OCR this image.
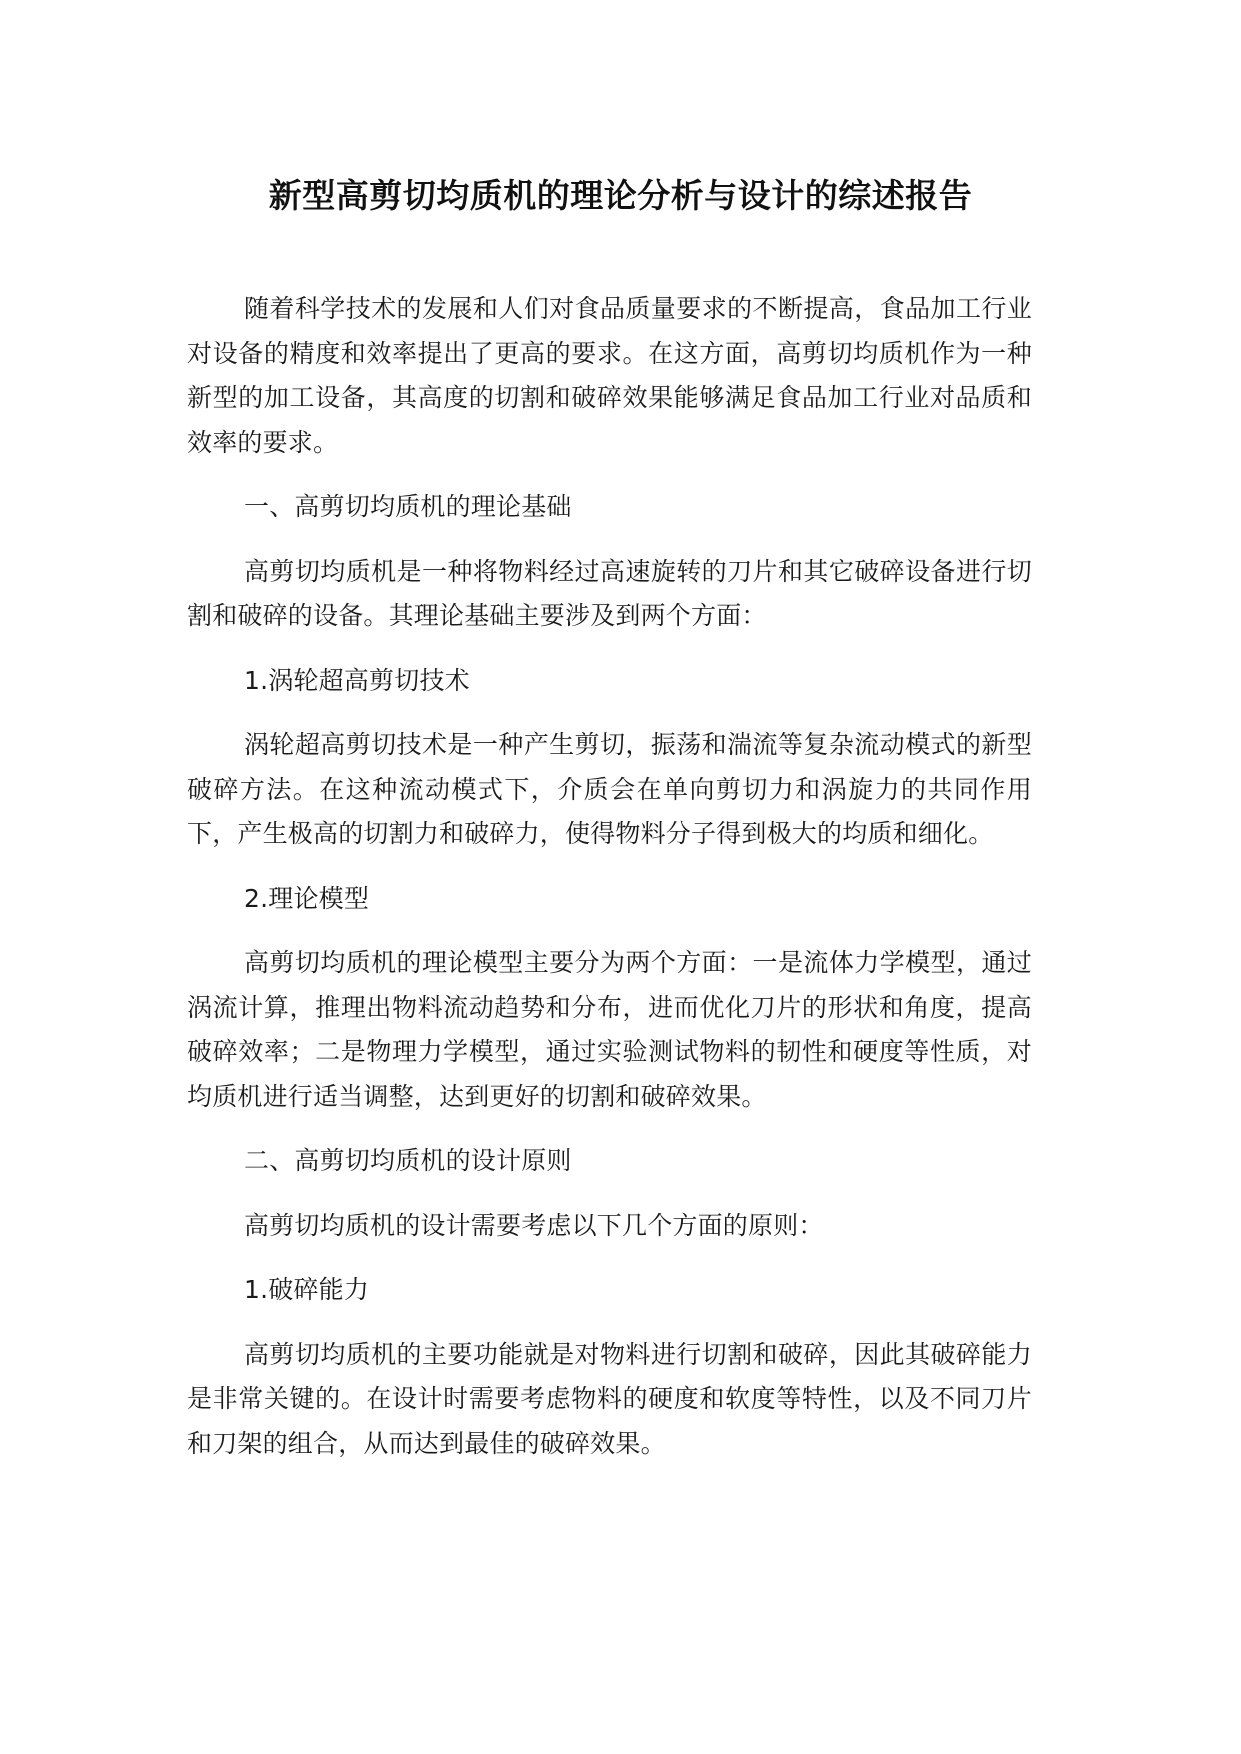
新型高剪切均质机的理论分析与设计的综述报告

随着科学技术的发展和人们对食品质量要求的不断提高，食品加工行业对设备的精度和效率提出了更高的要求。在这方面，高剪切均质机作为一种新型的加工设备，其高度的切割和破碎效果能够满足食品加工行业对品质和效率的要求。

一、高剪切均质机的理论基础

高剪切均质机是一种将物料经过高速旋转的刀片和其它破碎设备进行切割和破碎的设备。其理论基础主要涉及到两个方面：

1.涡轮超高剪切技术

涡轮超高剪切技术是一种产生剪切，振荡和湍流等复杂流动模式的新型破碎方法。在这种流动模式下，介质会在单向剪切力和涡旋力的共同作用下，产生极高的切割力和破碎力，使得物料分子得到极大的均质和细化。

2.理论模型

高剪切均质机的理论模型主要分为两个方面：一是流体力学模型，通过涡流计算，推理出物料流动趋势和分布，进而优化刀片的形状和角度，提高破碎效率；二是物理力学模型，通过实验测试物料的韧性和硬度等性质，对均质机进行适当调整，达到更好的切割和破碎效果。

二、高剪切均质机的设计原则

高剪切均质机的设计需要考虑以下几个方面的原则：

1.破碎能力

高剪切均质机的主要功能就是对物料进行切割和破碎，因此其破碎能力是非常关键的。在设计时需要考虑物料的硬度和软度等特性，以及不同刀片和刀架的组合，从而达到最佳的破碎效果。
